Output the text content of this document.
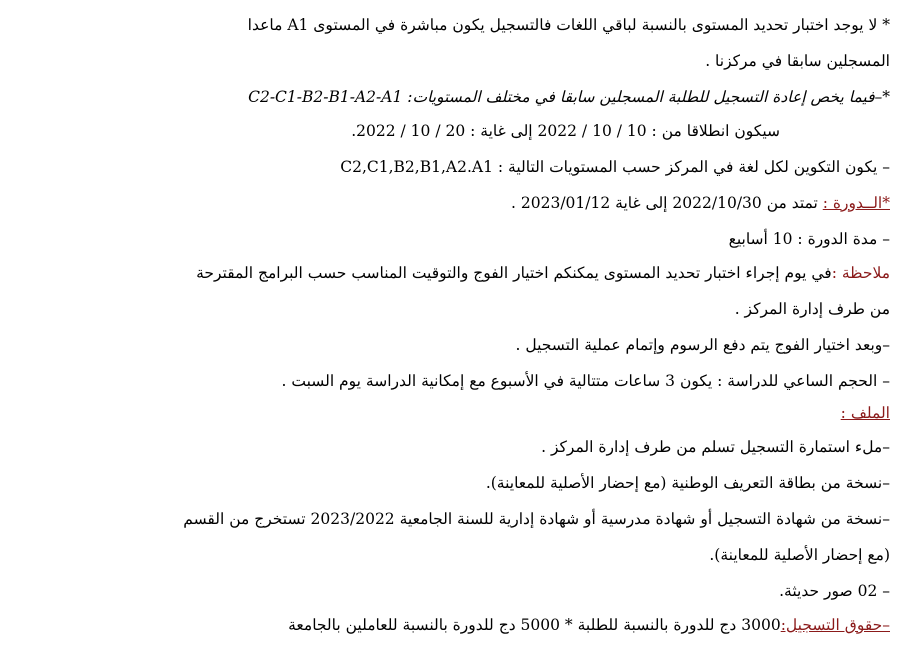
* لا يوجد اختبار تحديد المستوى بالنسبة لباقي اللغات فالتسجيل يكون مباشرة في المستوى A1 ماعدا
المسجلين سابقا في مركزنا .
*–فيما يخص إعادة التسجيل للطلبة المسجلين سابقا في مختلف المستويات: C2-C1-B2-B1-A2-A1
سيكون انطلاقا من : 10 / 10 / 2022 إلى غاية : 20 / 10 / 2022.
– يكون التكوين لكل لغة في المركز حسب المستويات التالية : C2,C1,B2,B1,A2.A1
*الــدورة : تمتد من 2022/10/30 إلى غاية 2023/01/12 .
– مدة الدورة : 10 أسابيع
ملاحظة :في يوم إجراء اختبار تحديد المستوى يمكنكم اختيار الفوج والتوقيت المناسب حسب البرامج المقترحة
من طرف إدارة المركز .
–وبعد اختيار الفوج يتم دفع الرسوم وإتمام عملية التسجيل .
– الحجم الساعي للدراسة : يكون 3 ساعات متتالية في الأسبوع مع إمكانية الدراسة يوم السبت .
الملف :
–ملء استمارة التسجيل تسلم من طرف إدارة المركز .
–نسخة من بطاقة التعريف الوطنية (مع إحضار الأصلية للمعاينة).
–نسخة من شهادة التسجيل أو شهادة مدرسية أو شهادة إدارية للسنة الجامعية 2023/2022 تستخرج من القسم
(مع إحضار الأصلية للمعاينة).
– 02 صور حديثة.
–حقوق التسجيل:3000 دج للدورة بالنسبة للطلبة * 5000 دج للدورة بالنسبة للعاملين بالجامعة
